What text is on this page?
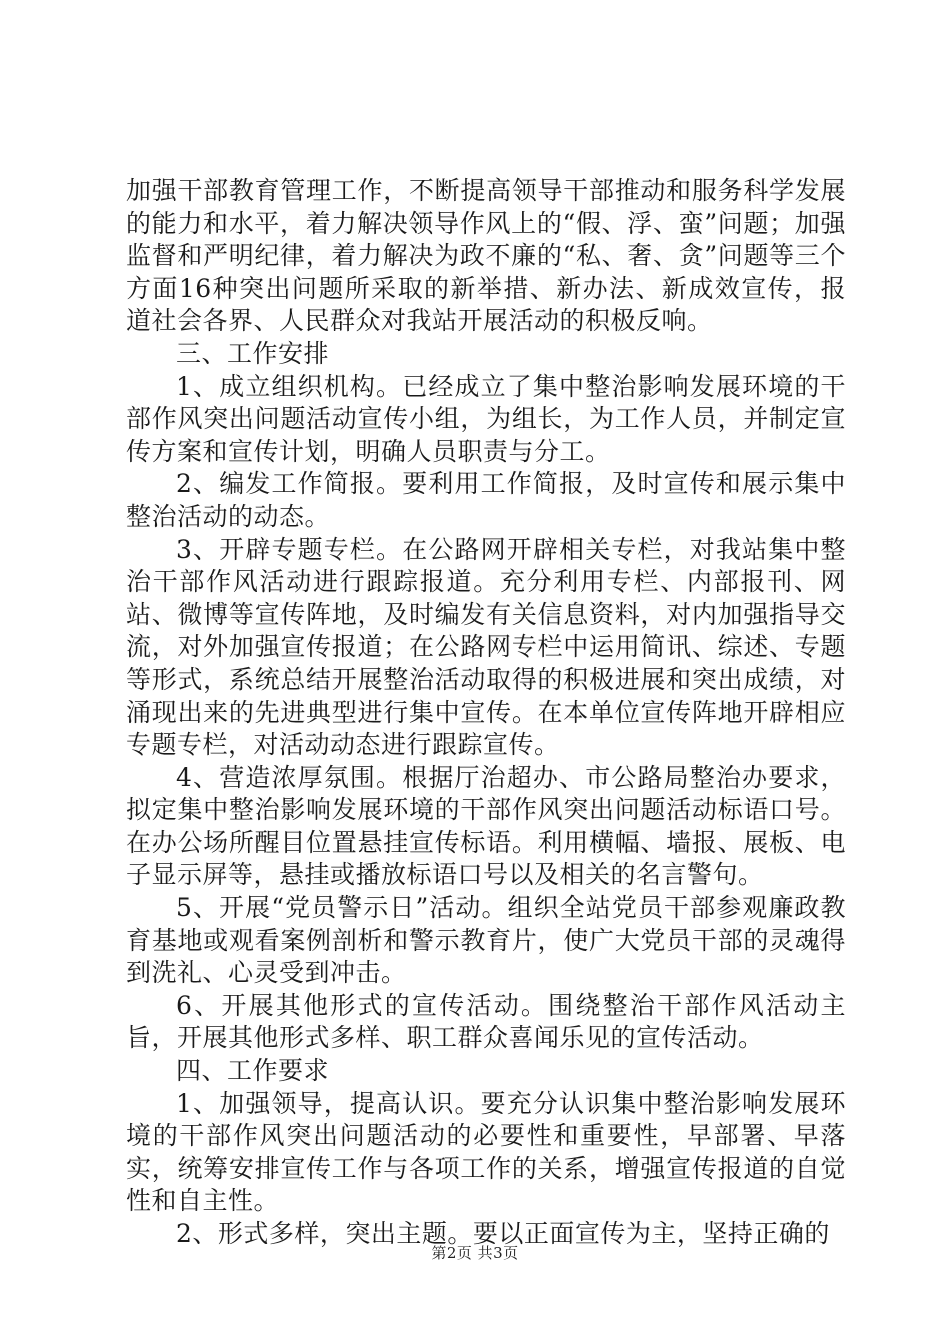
加强干部教育管理工作，不断提高领导干部推动和服务科学发展的能力和水平，着力解决领导作风上的“假、浮、蛮”问题；加强监督和严明纪律，着力解决为政不廉的“私、奢、贪”问题等三个方面16种突出问题所采取的新举措、新办法、新成效宣传，报道社会各界、人民群众对我站开展活动的积极反响。

三、工作安排

1、成立组织机构。已经成立了集中整治影响发展环境的干部作风突出问题活动宣传小组，为组长，为工作人员，并制定宣传方案和宣传计划，明确人员职责与分工。

2、编发工作简报。要利用工作简报，及时宣传和展示集中整治活动的动态。

3、开辟专题专栏。在公路网开辟相关专栏，对我站集中整治干部作风活动进行跟踪报道。充分利用专栏、内部报刊、网站、微博等宣传阵地，及时编发有关信息资料，对内加强指导交流，对外加强宣传报道；在公路网专栏中运用简讯、综述、专题等形式，系统总结开展整治活动取得的积极进展和突出成绩，对涌现出来的先进典型进行集中宣传。在本单位宣传阵地开辟相应专题专栏，对活动动态进行跟踪宣传。

4、营造浓厚氛围。根据厅治超办、市公路局整治办要求，拟定集中整治影响发展环境的干部作风突出问题活动标语口号。在办公场所醒目位置悬挂宣传标语。利用横幅、墙报、展板、电子显示屏等，悬挂或播放标语口号以及相关的名言警句。

5、开展“党员警示日”活动。组织全站党员干部参观廉政教育基地或观看案例剖析和警示教育片，使广大党员干部的灵魂得到洗礼、心灵受到冲击。

6、开展其他形式的宣传活动。围绕整治干部作风活动主旨，开展其他形式多样、职工群众喜闻乐见的宣传活动。

四、工作要求

1、加强领导，提高认识。要充分认识集中整治影响发展环境的干部作风突出问题活动的必要性和重要性，早部署、早落实，统筹安排宣传工作与各项工作的关系，增强宣传报道的自觉性和自主性。

2、形式多样，突出主题。要以正面宣传为主，坚持正确的

第2页 共3页
